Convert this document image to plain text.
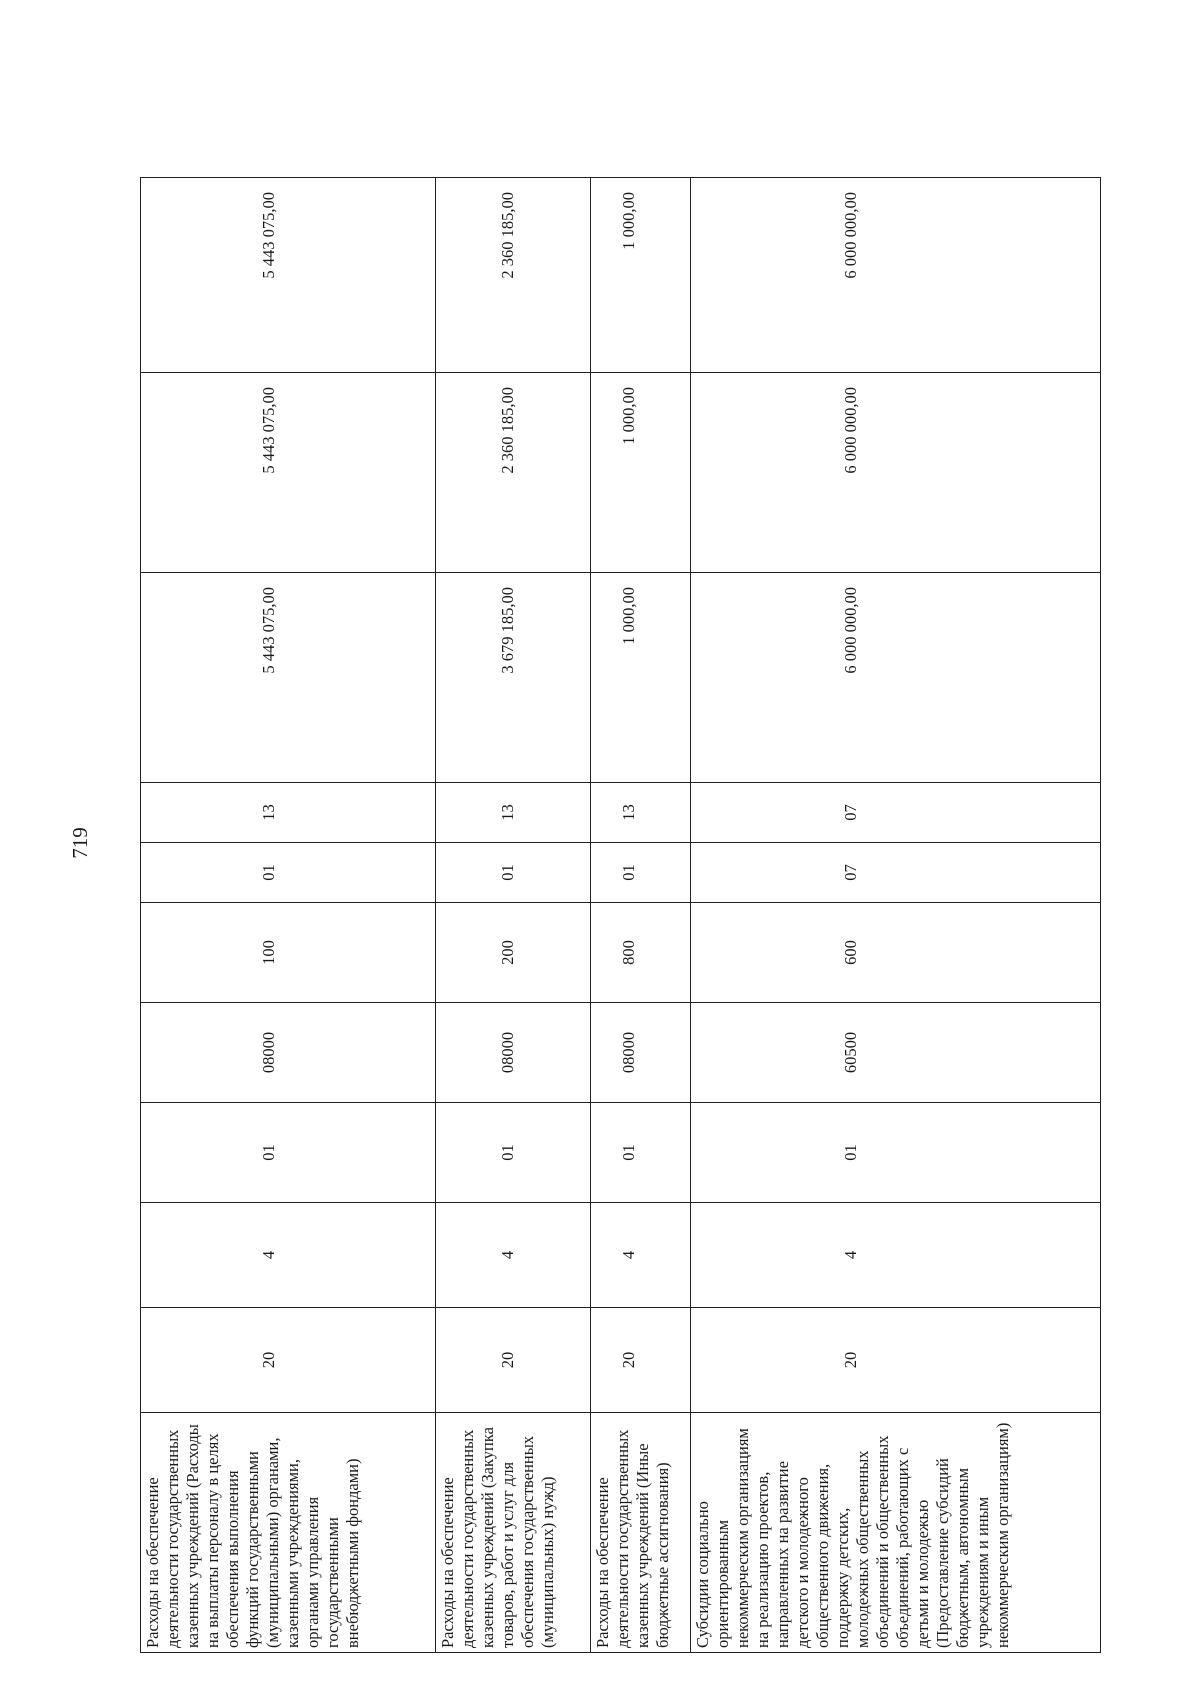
719
Расходы на обеспечение деятельности государственных казенных учреждений (Расходы на выплаты персоналу в целях обеспечения выполнения функций государственными (муниципальными) органами, казенными учреждениями, органами управления государственными внебюджетными фондами)	20	4	01	08000	100	01	13	5 443 075,00	5 443 075,00	5 443 075,00
Расходы на обеспечение деятельности государственных казенных учреждений (Закупка товаров, работ и услуг для обеспечения государственных (муниципальных) нужд)	20	4	01	08000	200	01	13	3 679 185,00	2 360 185,00	2 360 185,00
Расходы на обеспечение деятельности государственных казенных учреждений (Иные бюджетные ассигнования)	20	4	01	08000	800	01	13	1 000,00	1 000,00	1 000,00
Субсидии социально ориентированным некоммерческим организациям на реализацию проектов, направленных на развитие детского и молодежного общественного движения, поддержку детских, молодежных общественных объединений и общественных объединений, работающих с детьми и молодежью (Предоставление субсидий бюджетным, автономным учреждениям и иным некоммерческим организациям)	20	4	01	60500	600	07	07	6 000 000,00	6 000 000,00	6 000 000,00
